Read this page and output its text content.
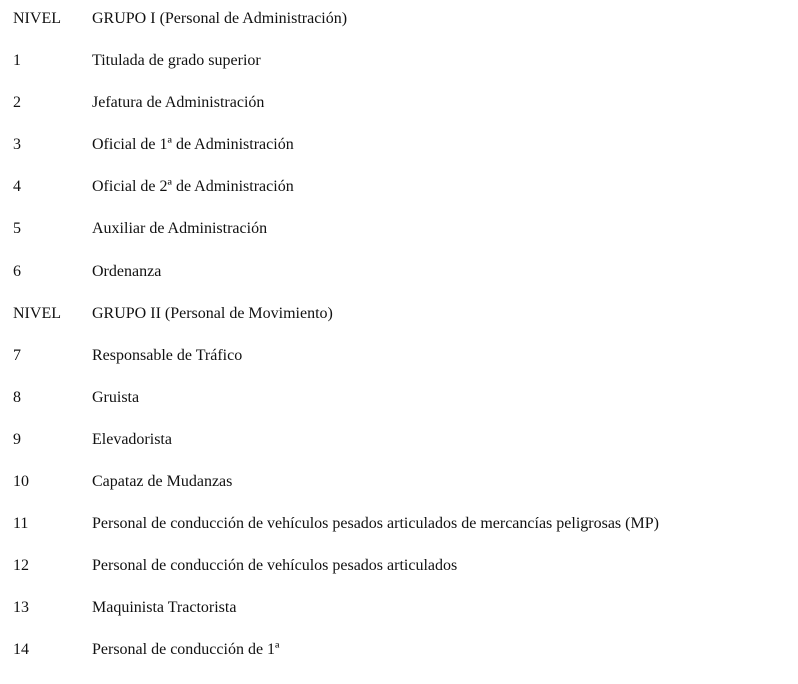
NIVEL	GRUPO I (Personal de Administración)
1	Titulada de grado superior
2	Jefatura de Administración
3	Oficial de 1ª de Administración
4	Oficial de 2ª de Administración
5	Auxiliar de Administración
6	Ordenanza
NIVEL	GRUPO II (Personal de Movimiento)
7	Responsable de Tráfico
8	Gruista
9	Elevadorista
10	Capataz de Mudanzas
11	Personal de conducción de vehículos pesados articulados de mercancías peligrosas (MP)
12	Personal de conducción de vehículos pesados articulados
13	Maquinista Tractorista
14	Personal de conducción de 1ª
